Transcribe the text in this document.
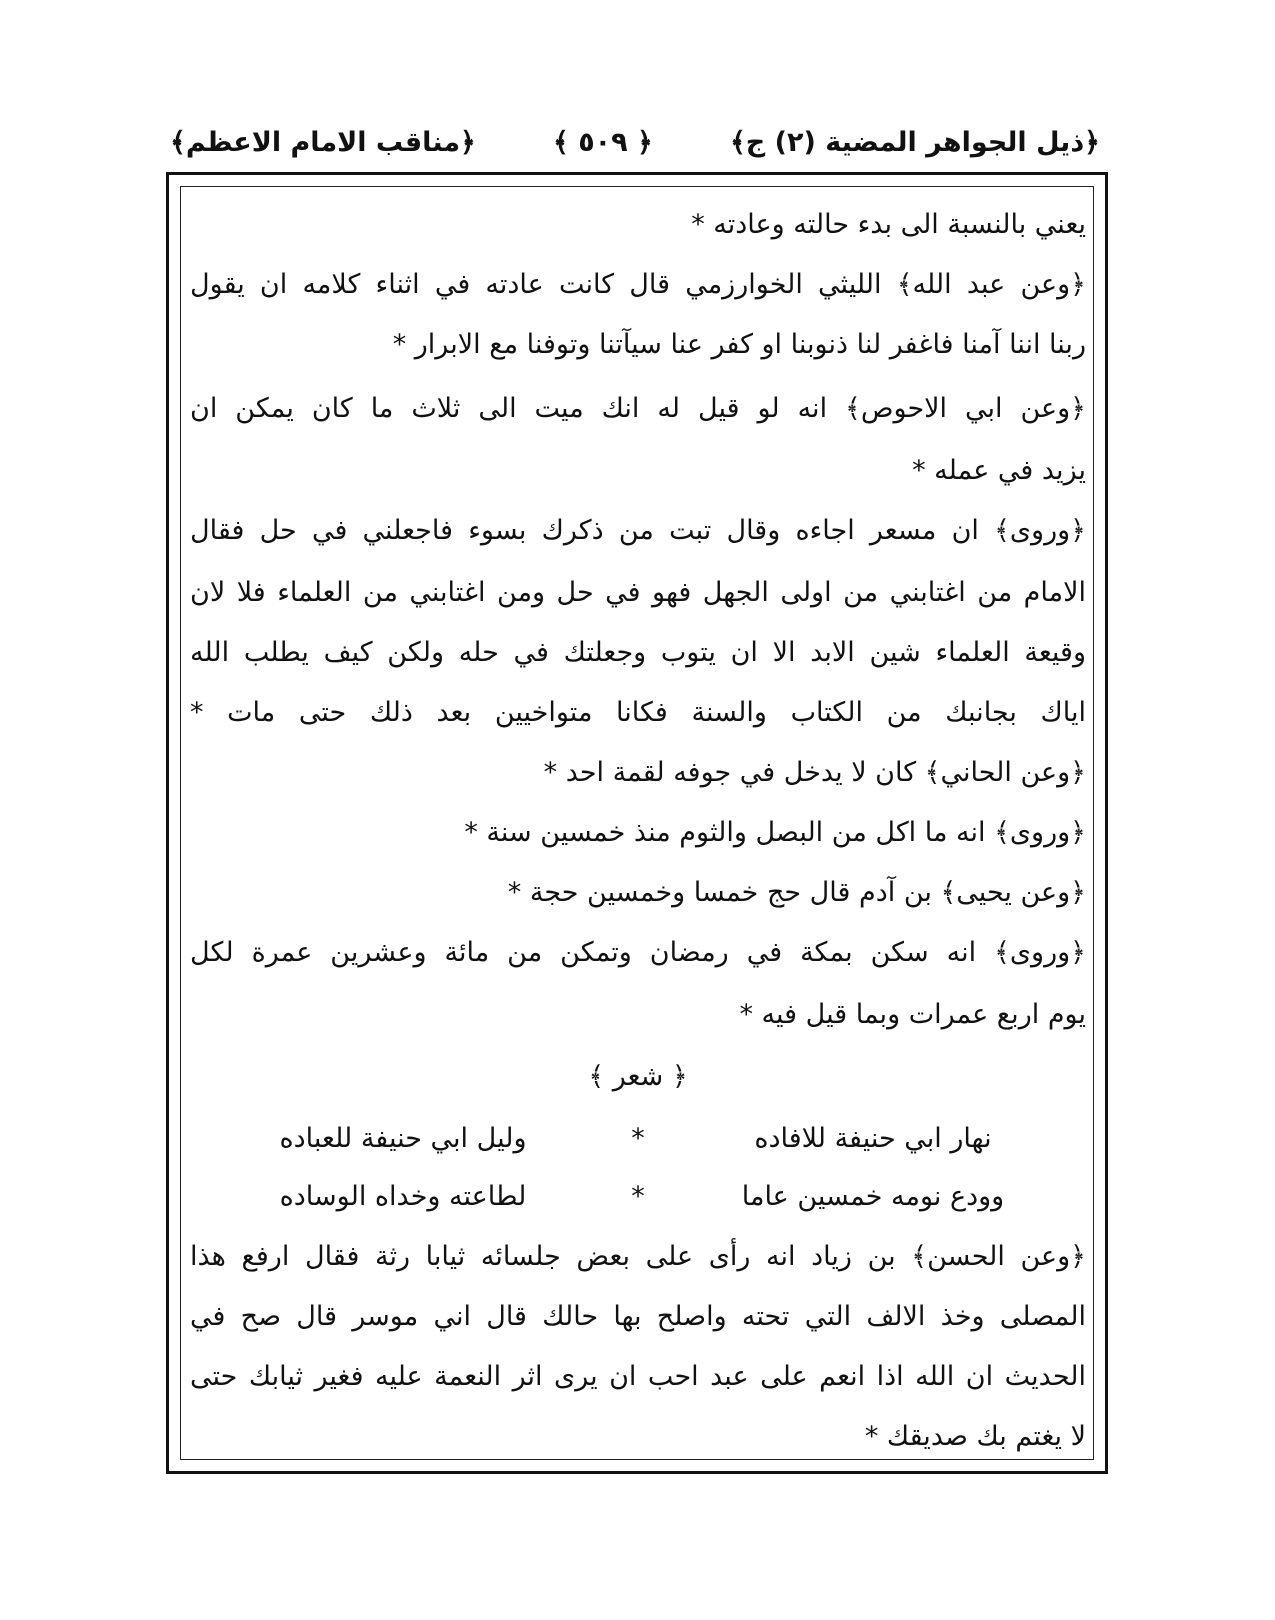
﴿ذيل الجواهر المضية (٢) ج﴾
﴿ ٥٠٩ ﴾
﴿مناقب الامام الاعظم﴾
يعني بالنسبة الى بدء حالته وعادته *
﴿وعن عبد الله﴾ الليثي الخوارزمي قال كانت عادته في اثناء كلامه ان يقول
ربنا اننا آمنا فاغفر لنا ذنوبنا او كفر عنا سيآتنا وتوفنا مع الابرار *
﴿وعن ابي الاحوص﴾ انه لو قيل له انك ميت الى ثلاث ما كان يمكن ان
يزيد في عمله *
﴿وروى﴾ ان مسعر اجاءه وقال تبت من ذكرك بسوء فاجعلني في حل فقال
الامام من اغتابني من اولى الجهل فهو في حل ومن اغتابني من العلماء فلا لان
وقيعة العلماء شين الابد الا ان يتوب وجعلتك في حله ولكن كيف يطلب الله
اياك بجانبك من الكتاب والسنة فكانا متواخيين بعد ذلك حتى مات *
﴿وعن الحاني﴾ كان لا يدخل في جوفه لقمة احد *
﴿وروى﴾ انه ما اكل من البصل والثوم منذ خمسين سنة *
﴿وعن يحيى﴾ بن آدم قال حج خمسا وخمسين حجة *
﴿وروى﴾ انه سكن بمكة في رمضان وتمكن من مائة وعشرين عمرة لكل
يوم اربع عمرات وبما قيل فيه *
﴿ شعر ﴾
نهار ابي حنيفة للافاده
*
وليل ابي حنيفة للعباده
وودع نومه خمسين عاما
*
لطاعته وخداه الوساده
﴿وعن الحسن﴾ بن زياد انه رأى على بعض جلسائه ثيابا رثة فقال ارفع هذا
المصلى وخذ الالف التي تحته واصلح بها حالك قال اني موسر قال صح في
الحديث ان الله اذا انعم على عبد احب ان يرى اثر النعمة عليه فغير ثيابك حتى
لا يغتم بك صديقك *
